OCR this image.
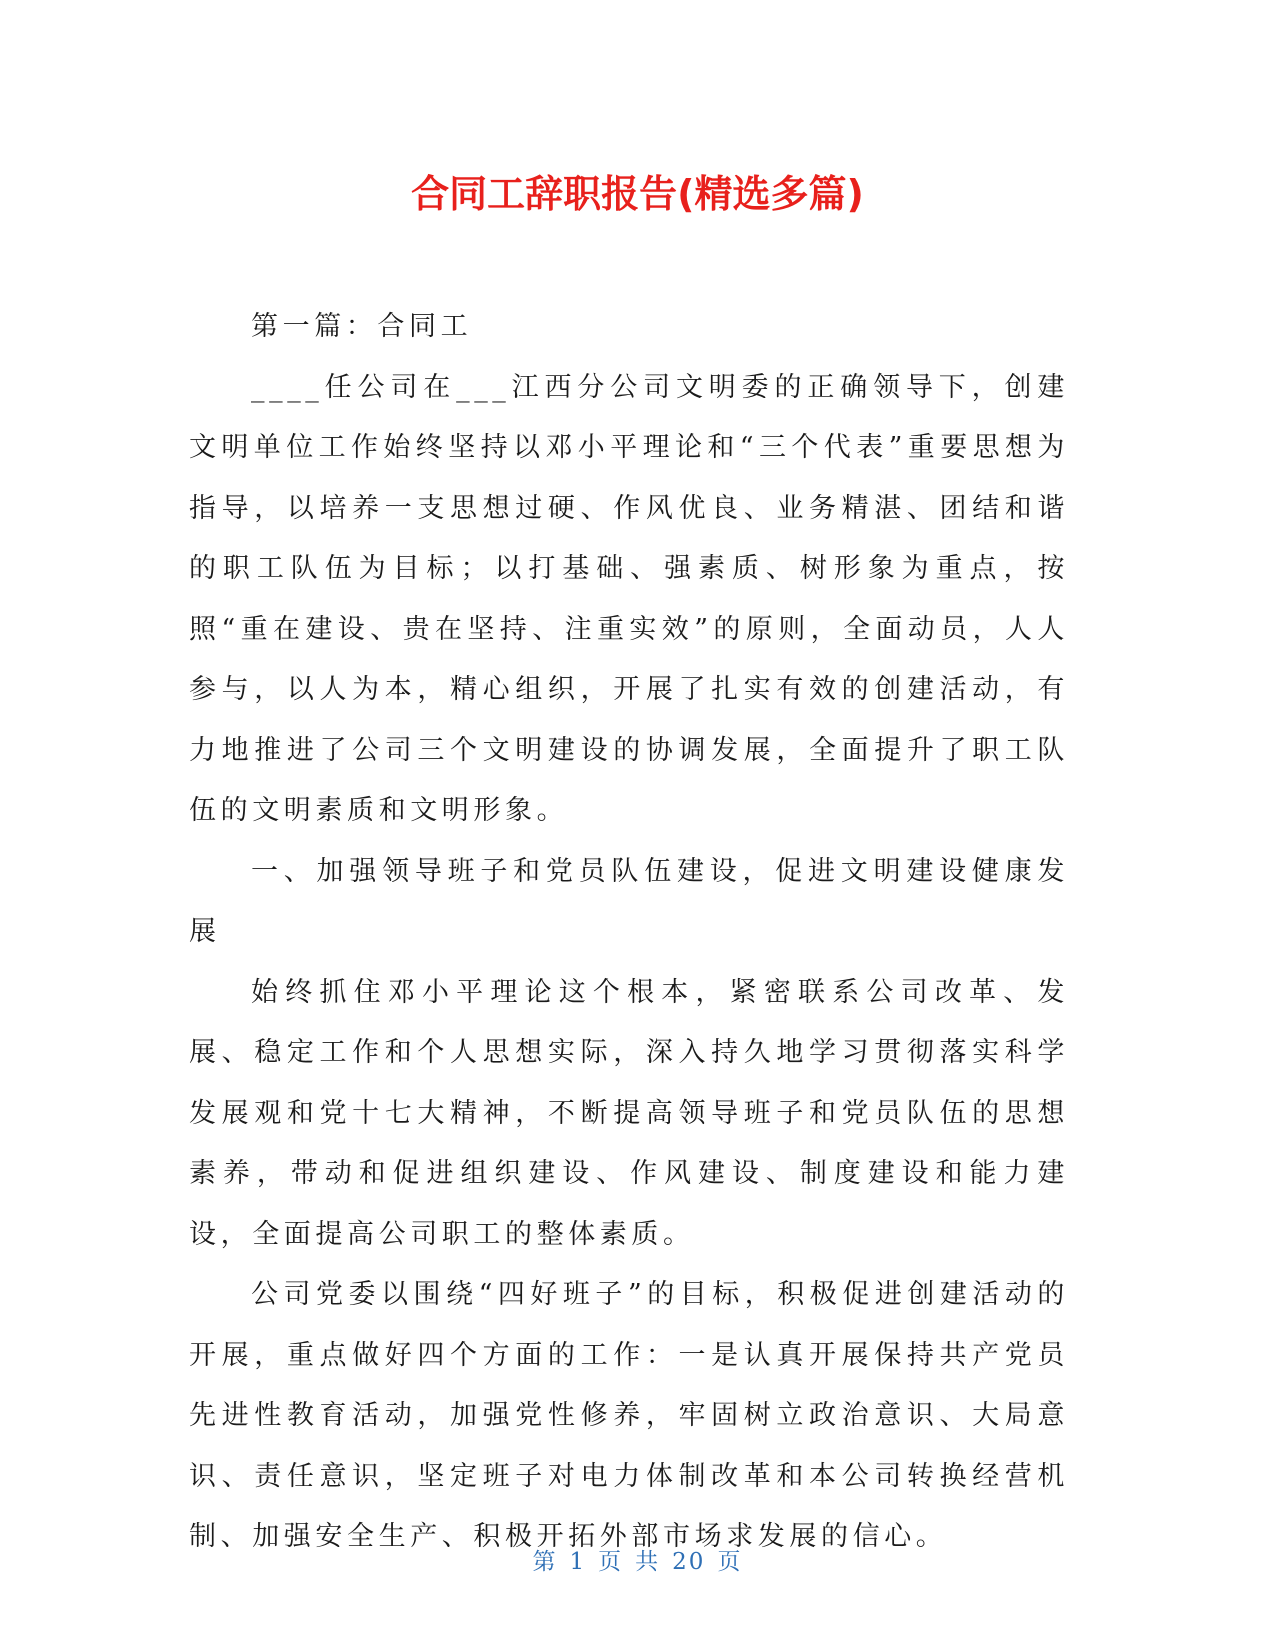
合同工辞职报告(精选多篇)

第一篇：合同工

____任公司在___江西分公司文明委的正确领导下，创建文明单位工作始终坚持以邓小平理论和“三个代表”重要思想为指导，以培养一支思想过硬、作风优良、业务精湛、团结和谐的职工队伍为目标；以打基础、强素质、树形象为重点，按照“重在建设、贵在坚持、注重实效”的原则，全面动员，人人参与，以人为本，精心组织，开展了扎实有效的创建活动，有力地推进了公司三个文明建设的协调发展，全面提升了职工队伍的文明素质和文明形象。

一、加强领导班子和党员队伍建设，促进文明建设健康发展

始终抓住邓小平理论这个根本，紧密联系公司改革、发展、稳定工作和个人思想实际，深入持久地学习贯彻落实科学发展观和党十七大精神，不断提高领导班子和党员队伍的思想素养，带动和促进组织建设、作风建设、制度建设和能力建设，全面提高公司职工的整体素质。

公司党委以围绕“四好班子”的目标，积极促进创建活动的开展，重点做好四个方面的工作：一是认真开展保持共产党员先进性教育活动，加强党性修养，牢固树立政治意识、大局意识、责任意识，坚定班子对电力体制改革和本公司转换经营机制、加强安全生产、积极开拓外部市场求发展的信心。

第 1 页 共 20 页
